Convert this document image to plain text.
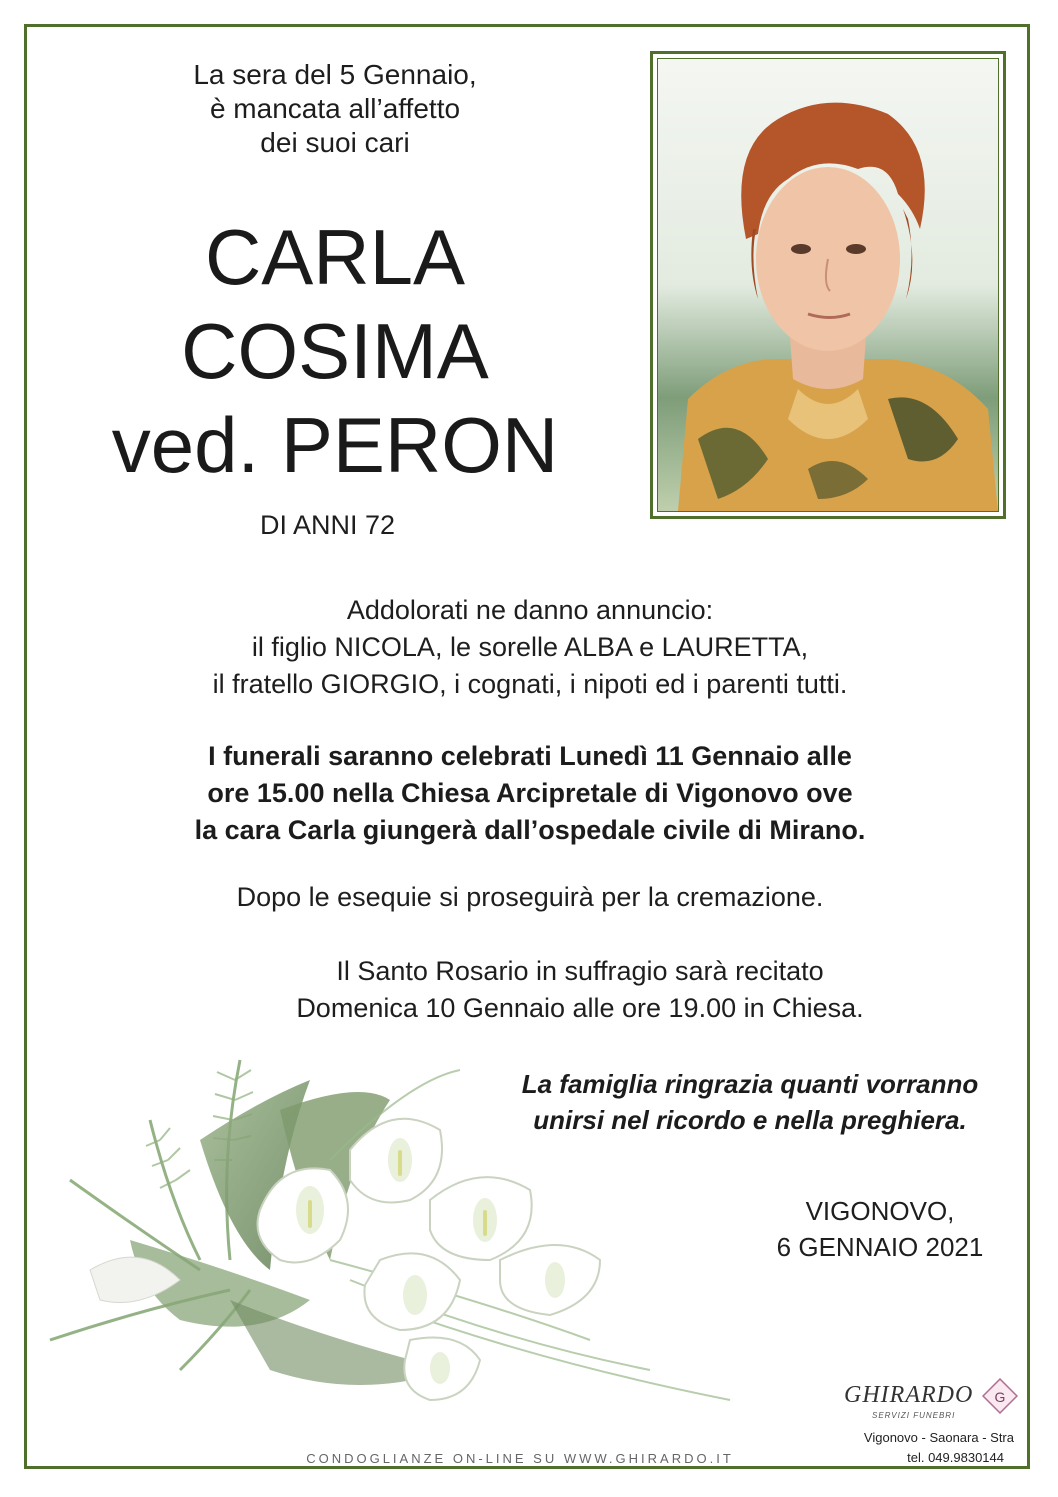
La sera del 5 Gennaio,
è mancata all’affetto
dei suoi cari
CARLA
COSIMA
ved. PERON
DI ANNI 72
Addolorati ne danno annuncio:
il figlio NICOLA, le sorelle ALBA e LAURETTA,
il fratello GIORGIO, i cognati, i nipoti ed i parenti tutti.
I funerali saranno celebrati Lunedì 11 Gennaio alle
ore 15.00 nella Chiesa Arcipretale di Vigonovo ove
la cara Carla giungerà dall’ospedale civile di Mirano.
Dopo le esequie si proseguirà per la cremazione.
Il Santo Rosario in suffragio sarà recitato
Domenica 10 Gennaio alle ore 19.00 in Chiesa.
La famiglia ringrazia quanti vorranno
unirsi nel ricordo e nella preghiera.
VIGONOVO,
6 GENNAIO 2021
CONDOGLIANZE ON-LINE SU WWW.GHIRARDO.IT
GHIRARDO
SERVIZI FUNEBRI
G
Vigonovo - Saonara - Stra
tel. 049.9830144
